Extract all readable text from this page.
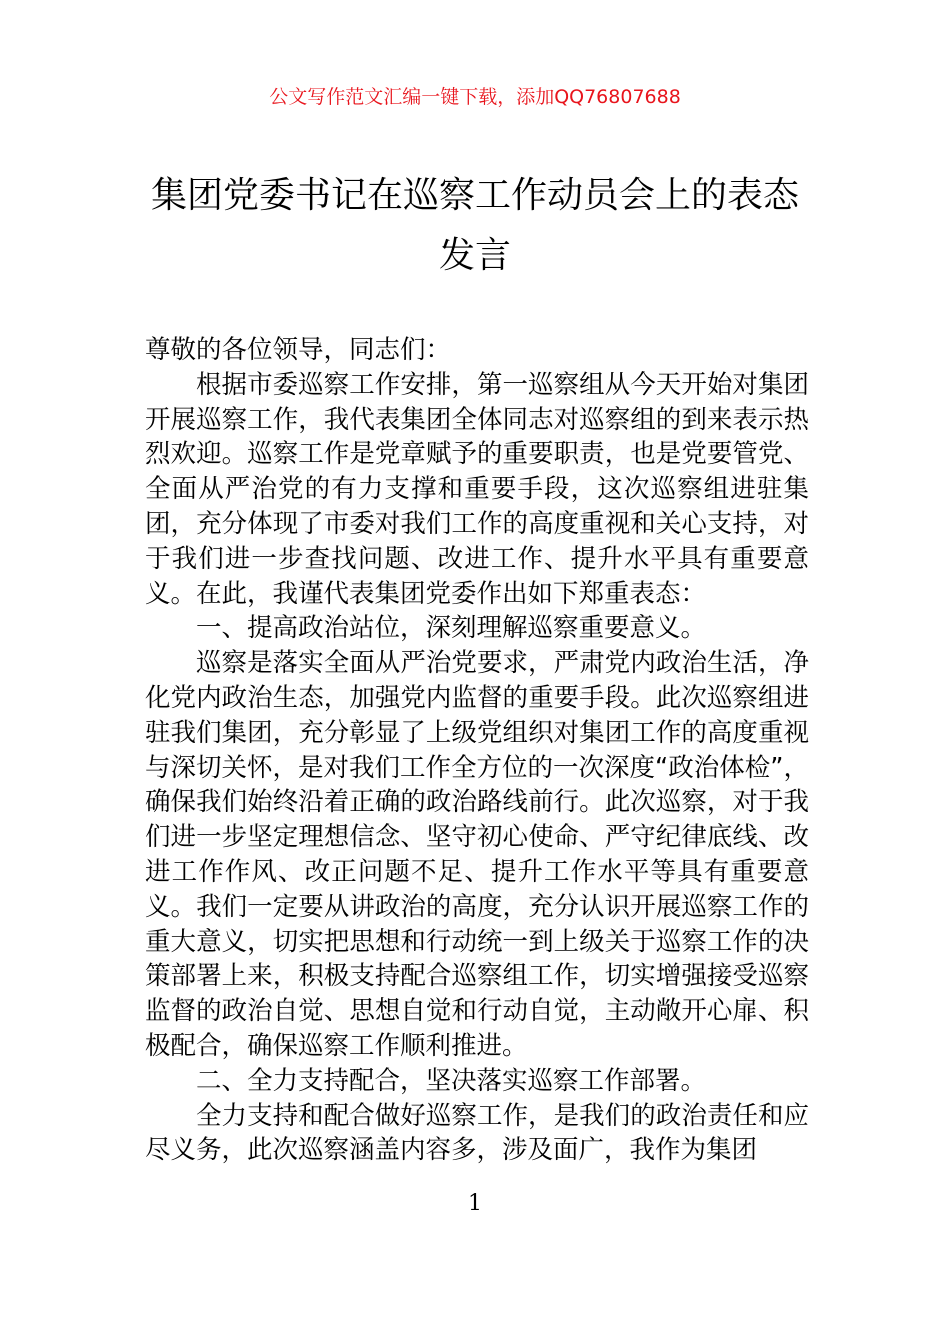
公文写作范文汇编一键下载，添加QQ76807688
集团党委书记在巡察工作动员会上的表态
发言

尊敬的各位领导，同志们：

根据市委巡察工作安排，第一巡察组从今天开始对集团开展巡察工作，我代表集团全体同志对巡察组的到来表示热烈欢迎。巡察工作是党章赋予的重要职责，也是党要管党、全面从严治党的有力支撑和重要手段，这次巡察组进驻集团，充分体现了市委对我们工作的高度重视和关心支持，对于我们进一步查找问题、改进工作、提升水平具有重要意义。在此，我谨代表集团党委作出如下郑重表态：

一、提高政治站位，深刻理解巡察重要意义。

巡察是落实全面从严治党要求，严肃党内政治生活，净化党内政治生态，加强党内监督的重要手段。此次巡察组进驻我们集团，充分彰显了上级党组织对集团工作的高度重视与深切关怀，是对我们工作全方位的一次深度“政治体检”，确保我们始终沿着正确的政治路线前行。此次巡察，对于我们进一步坚定理想信念、坚守初心使命、严守纪律底线、改进工作作风、改正问题不足、提升工作水平等具有重要意义。我们一定要从讲政治的高度，充分认识开展巡察工作的重大意义，切实把思想和行动统一到上级关于巡察工作的决策部署上来，积极支持配合巡察组工作，切实增强接受巡察监督的政治自觉、思想自觉和行动自觉，主动敞开心扉、积极配合，确保巡察工作顺利推进。

二、全力支持配合，坚决落实巡察工作部署。

全力支持和配合做好巡察工作，是我们的政治责任和应尽义务，此次巡察涵盖内容多，涉及面广，我作为集团

1
